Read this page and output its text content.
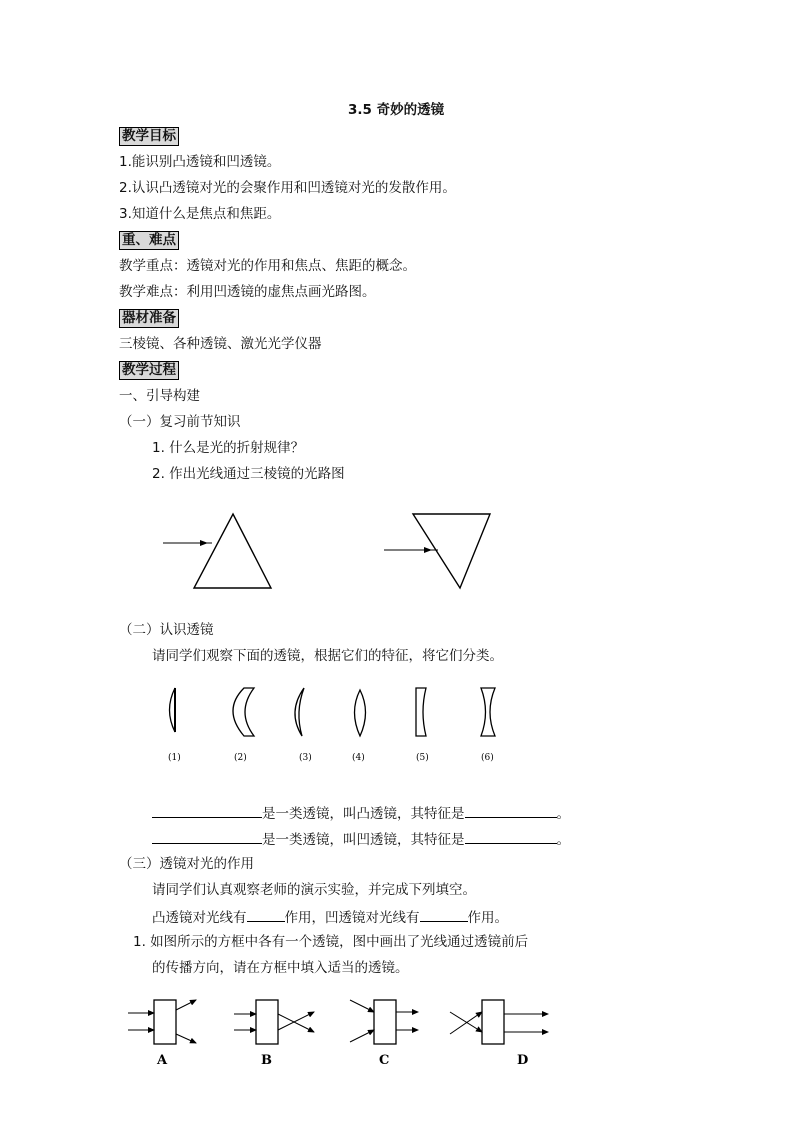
3.5 奇妙的透镜
教学目标
1.能识别凸透镜和凹透镜。
2.认识凸透镜对光的会聚作用和凹透镜对光的发散作用。
3.知道什么是焦点和焦距。
重、难点
教学重点：透镜对光的作用和焦点、焦距的概念。
教学难点：利用凹透镜的虚焦点画光路图。
器材准备
三棱镜、各种透镜、激光光学仪器
教学过程
一、引导构建
（一）复习前节知识
1. 什么是光的折射规律？
2. 作出光线通过三棱镜的光路图
（二）认识透镜
请同学们观察下面的透镜，根据它们的特征，将它们分类。
(1)	(2)	(3)	(4)	(5)	(6)
是一类透镜，叫凸透镜，其特征是	。
是一类透镜，叫凹透镜，其特征是	。
（三）透镜对光的作用
请同学们认真观察老师的演示实验，并完成下列填空。
凸透镜对光线有	作用，凹透镜对光线有	作用。
1. 如图所示的方框中各有一个透镜，图中画出了光线通过透镜前后
的传播方向，请在方框中填入适当的透镜。
A	B	C	D
